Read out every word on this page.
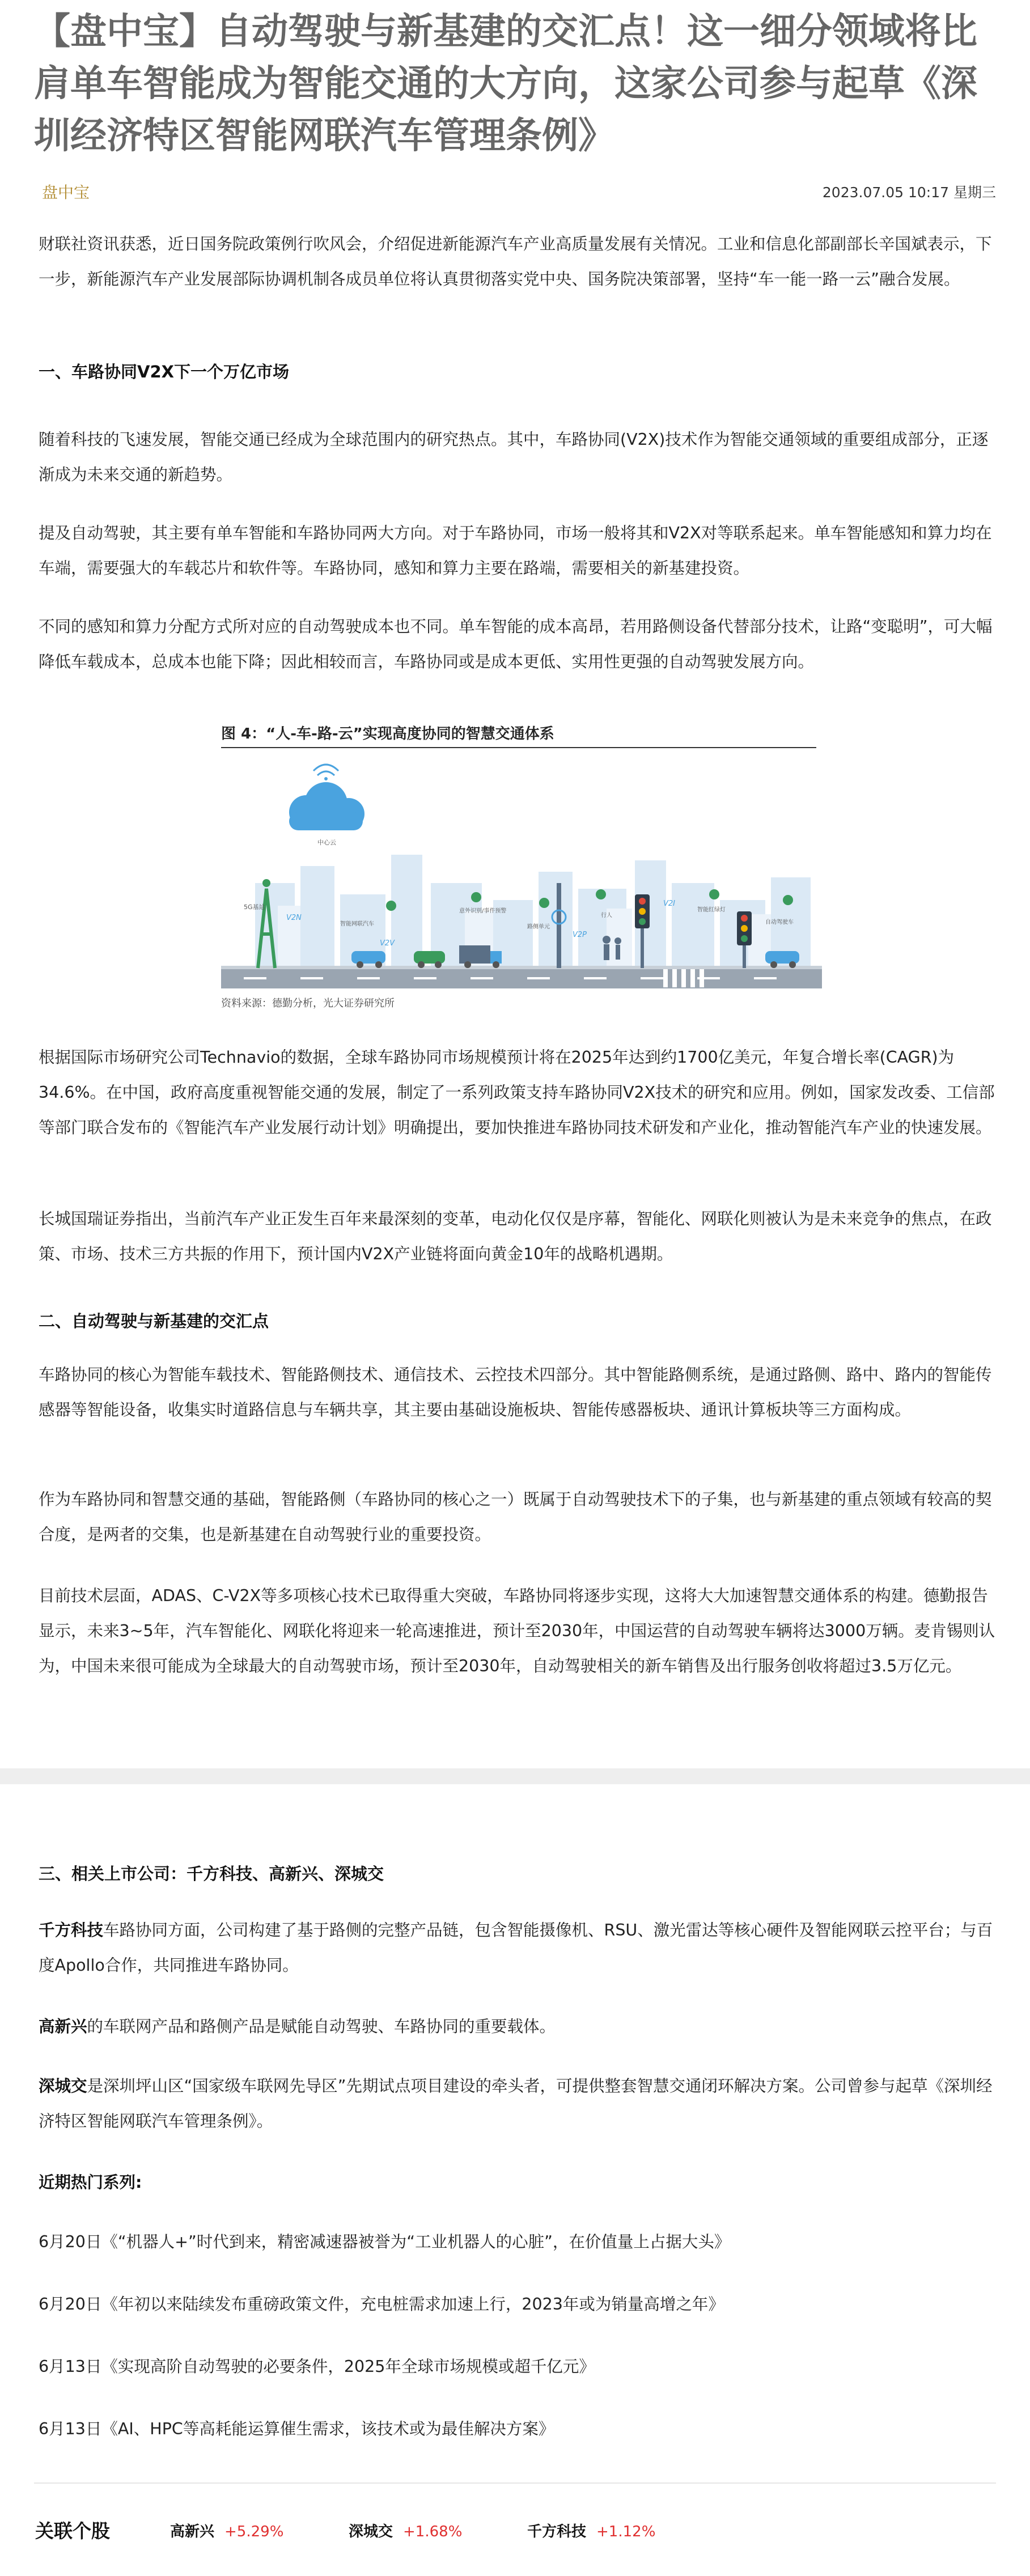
【盘中宝】自动驾驶与新基建的交汇点！这一细分领域将比肩单车智能成为智能交通的大方向，这家公司参与起草《深圳经济特区智能网联汽车管理条例》
盘中宝	2023.07.05 10:17 星期三

财联社资讯获悉，近日国务院政策例行吹风会，介绍促进新能源汽车产业高质量发展有关情况。工业和信息化部副部长辛国斌表示，下一步，新能源汽车产业发展部际协调机制各成员单位将认真贯彻落实党中央、国务院决策部署，坚持“车一能一路一云”融合发展。

一、车路协同V2X下一个万亿市场

随着科技的飞速发展，智能交通已经成为全球范围内的研究热点。其中，车路协同(V2X)技术作为智能交通领域的重要组成部分，正逐渐成为未来交通的新趋势。

提及自动驾驶，其主要有单车智能和车路协同两大方向。对于车路协同，市场一般将其和V2X对等联系起来。单车智能感知和算力均在车端，需要强大的车载芯片和软件等。车路协同，感知和算力主要在路端，需要相关的新基建投资。

不同的感知和算力分配方式所对应的自动驾驶成本也不同。单车智能的成本高昂，若用路侧设备代替部分技术，让路“变聪明”，可大幅降低车载成本，总成本也能下降；因此相较而言，车路协同或是成本更低、实用性更强的自动驾驶发展方向。

图 4：“人-车-路-云”实现高度协同的智慧交通体系
中心云
5G基站
V2N
V2V
智能网联汽车
意外识别/事件预警
路侧单元
V2P
行人
V2I
智能红绿灯
自动驾驶车
资料来源：德勤分析，光大证券研究所

根据国际市场研究公司Technavio的数据，全球车路协同市场规模预计将在2025年达到约1700亿美元，年复合增长率(CAGR)为34.6%。在中国，政府高度重视智能交通的发展，制定了一系列政策支持车路协同V2X技术的研究和应用。例如，国家发改委、工信部等部门联合发布的《智能汽车产业发展行动计划》明确提出，要加快推进车路协同技术研发和产业化，推动智能汽车产业的快速发展。

长城国瑞证券指出，当前汽车产业正发生百年来最深刻的变革，电动化仅仅是序幕，智能化、网联化则被认为是未来竞争的焦点，在政策、市场、技术三方共振的作用下，预计国内V2X产业链将面向黄金10年的战略机遇期。

二、自动驾驶与新基建的交汇点

车路协同的核心为智能车载技术、智能路侧技术、通信技术、云控技术四部分。其中智能路侧系统，是通过路侧、路中、路内的智能传感器等智能设备，收集实时道路信息与车辆共享，其主要由基础设施板块、智能传感器板块、通讯计算板块等三方面构成。

作为车路协同和智慧交通的基础，智能路侧（车路协同的核心之一）既属于自动驾驶技术下的子集，也与新基建的重点领域有较高的契合度，是两者的交集，也是新基建在自动驾驶行业的重要投资。

目前技术层面，ADAS、C-V2X等多项核心技术已取得重大突破，车路协同将逐步实现，这将大大加速智慧交通体系的构建。德勤报告显示，未来3~5年，汽车智能化、网联化将迎来一轮高速推进，预计至2030年，中国运营的自动驾驶车辆将达3000万辆。麦肯锡则认为，中国未来很可能成为全球最大的自动驾驶市场，预计至2030年，自动驾驶相关的新车销售及出行服务创收将超过3.5万亿元。

三、相关上市公司：千方科技、高新兴、深城交

千方科技车路协同方面，公司构建了基于路侧的完整产品链，包含智能摄像机、RSU、激光雷达等核心硬件及智能网联云控平台；与百度Apollo合作，共同推进车路协同。

高新兴的车联网产品和路侧产品是赋能自动驾驶、车路协同的重要载体。

深城交是深圳坪山区“国家级车联网先导区”先期试点项目建设的牵头者，可提供整套智慧交通闭环解决方案。公司曾参与起草《深圳经济特区智能网联汽车管理条例》。

近期热门系列:
6月20日《“机器人+”时代到来，精密减速器被誉为“工业机器人的心脏”，在价值量上占据大头》
6月20日《年初以来陆续发布重磅政策文件，充电桩需求加速上行，2023年或为销量高增之年》
6月13日《实现高阶自动驾驶的必要条件，2025年全球市场规模或超千亿元》
6月13日《AI、HPC等高耗能运算催生需求，该技术或为最佳解决方案》
关联个股	高新兴 +5.29%	深城交 +1.68%	千方科技 +1.12%
